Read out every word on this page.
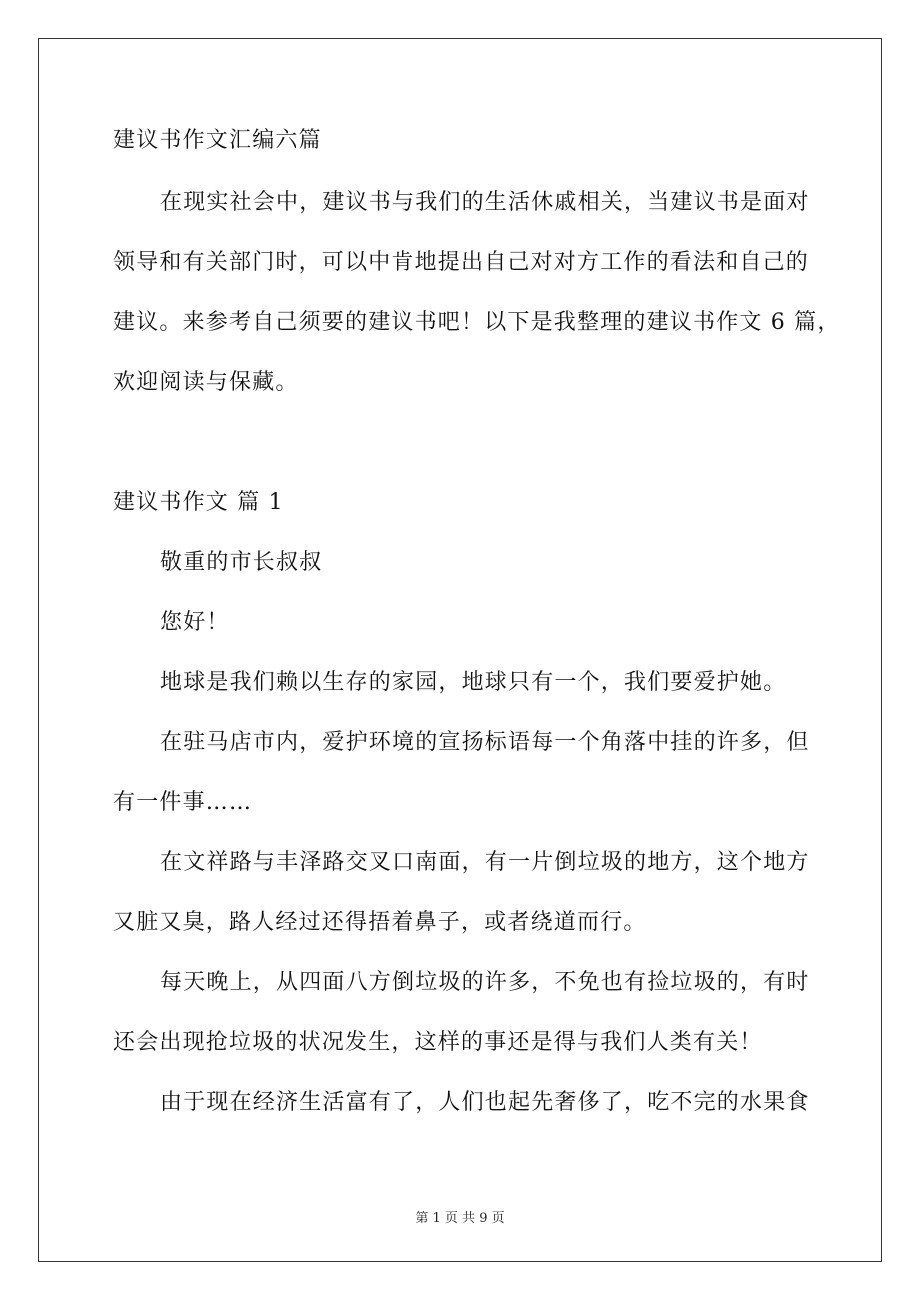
建议书作文汇编六篇
在现实社会中，建议书与我们的生活休戚相关，当建议书是面对
领导和有关部门时，可以中肯地提出自己对对方工作的看法和自己的
建议。来参考自己须要的建议书吧！以下是我整理的建议书作文 6 篇，
欢迎阅读与保藏。
建议书作文 篇 1
敬重的市长叔叔
您好！
地球是我们赖以生存的家园，地球只有一个，我们要爱护她。
在驻马店市内，爱护环境的宣扬标语每一个角落中挂的许多，但
有一件事……
在文祥路与丰泽路交叉口南面，有一片倒垃圾的地方，这个地方
又脏又臭，路人经过还得捂着鼻子，或者绕道而行。
每天晚上，从四面八方倒垃圾的许多，不免也有捡垃圾的，有时
还会出现抢垃圾的状况发生，这样的事还是得与我们人类有关！
由于现在经济生活富有了，人们也起先奢侈了，吃不完的水果食
第 1 页 共 9 页
